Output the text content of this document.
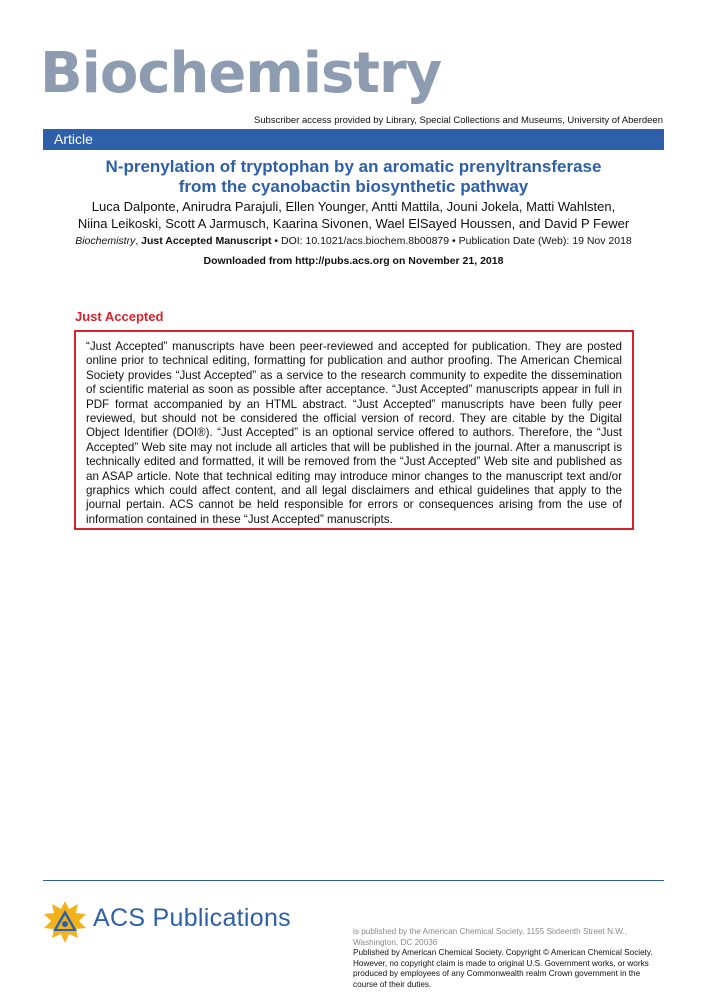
Biochemistry
Subscriber access provided by Library, Special Collections and Museums, University of Aberdeen
Article
N-prenylation of tryptophan by an aromatic prenyltransferase
from the cyanobactin biosynthetic pathway
Luca Dalponte, Anirudra Parajuli, Ellen Younger, Antti Mattila, Jouni Jokela, Matti Wahlsten,
Niina Leikoski, Scott A Jarmusch, Kaarina Sivonen, Wael ElSayed Houssen, and David P Fewer
Biochemistry, Just Accepted Manuscript • DOI: 10.1021/acs.biochem.8b00879 • Publication Date (Web): 19 Nov 2018
Downloaded from http://pubs.acs.org on November 21, 2018
Just Accepted

“Just Accepted” manuscripts have been peer-reviewed and accepted for publication. They are posted online prior to technical editing, formatting for publication and author proofing. The American Chemical Society provides “Just Accepted” as a service to the research community to expedite the dissemination of scientific material as soon as possible after acceptance. “Just Accepted” manuscripts appear in full in PDF format accompanied by an HTML abstract. “Just Accepted” manuscripts have been fully peer reviewed, but should not be considered the official version of record. They are citable by the Digital Object Identifier (DOI®). “Just Accepted” is an optional service offered to authors. Therefore, the “Just Accepted” Web site may not include all articles that will be published in the journal. After a manuscript is technically edited and formatted, it will be removed from the “Just Accepted” Web site and published as an ASAP article. Note that technical editing may introduce minor changes to the manuscript text and/or graphics which could affect content, and all legal disclaimers and ethical guidelines that apply to the journal pertain. ACS cannot be held responsible for errors or consequences arising from the use of information contained in these “Just Accepted” manuscripts.

ACS Publications	is published by the American Chemical Society. 1155 Sixteenth Street N.W., Washington, DC 20036
Published by American Chemical Society. Copyright © American Chemical Society. However, no copyright claim is made to original U.S. Government works, or works produced by employees of any Commonwealth realm Crown government in the course of their duties.
